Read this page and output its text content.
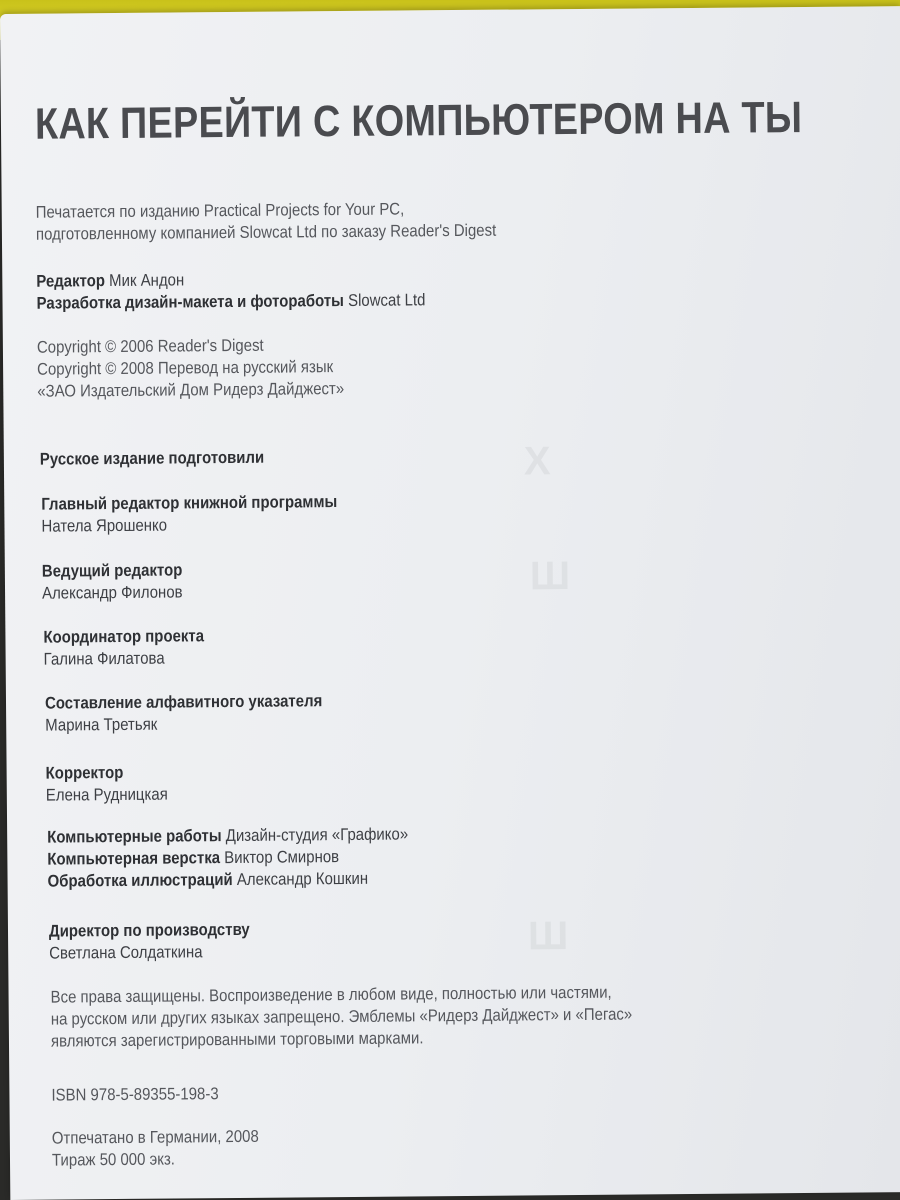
Х
Ш
Ш
КАК ПЕРЕЙТИ С КОМПЬЮТЕРОМ НА ТЫ

Печатается по изданию Practical Projects for Your PC,

подготовленному компанией Slowcat Ltd по заказу Reader's Digest

Редактор Мик Андон

Разработка дизайн-макета и фотоработы Slowcat Ltd

Copyright © 2006 Reader's Digest

Copyright © 2008 Перевод на русский язык

«ЗАО Издательский Дом Ридерз Дайджест»

Русское издание подготовили

Главный редактор книжной программы

Натела Ярошенко

Ведущий редактор

Александр Филонов

Координатор проекта

Галина Филатова

Составление алфавитного указателя

Марина Третьяк

Корректор

Елена Рудницкая

Компьютерные работы Дизайн-студия «Графико»

Компьютерная верстка Виктор Смирнов

Обработка иллюстраций Александр Кошкин

Директор по производству

Светлана Солдаткина

Все права защищены. Воспроизведение в любом виде, полностью или частями,

на русском или других языках запрещено. Эмблемы «Ридерз Дайджест» и «Пегас»

являются зарегистрированными торговыми марками.

ISBN 978-5-89355-198-3

Отпечатано в Германии, 2008

Тираж 50 000 экз.
